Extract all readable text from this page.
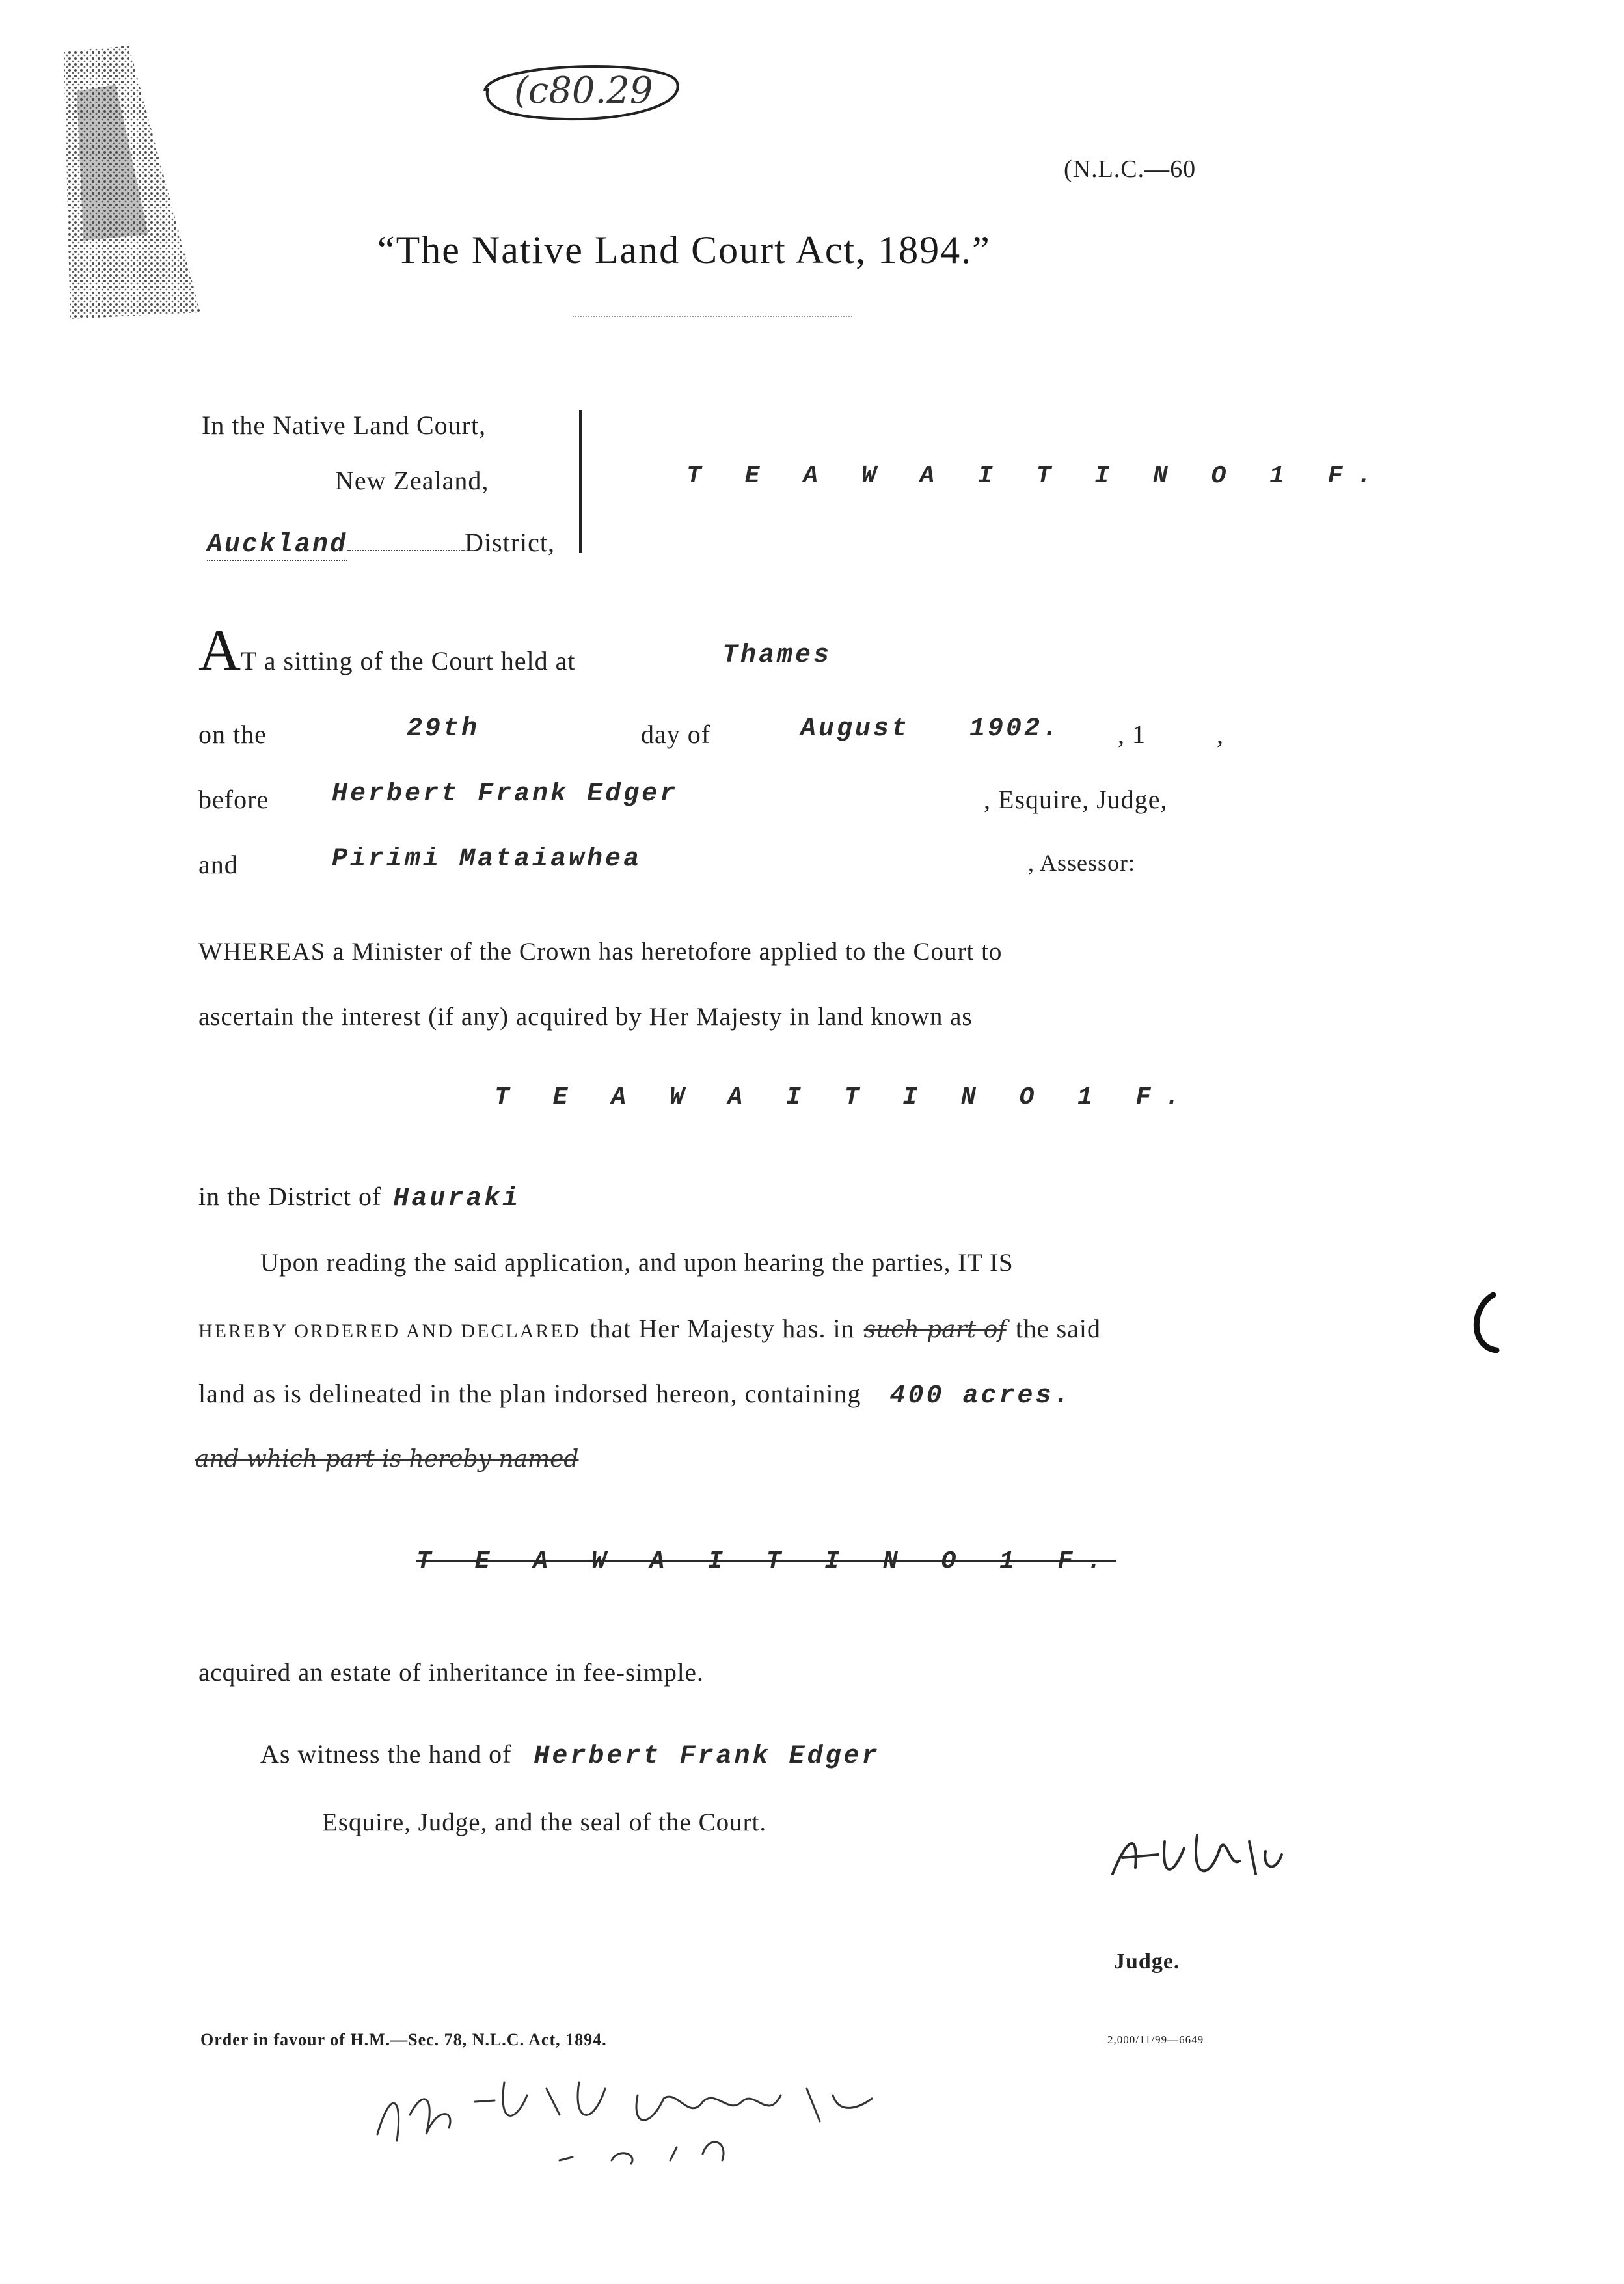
(c80.29
(N.L.C.—60
“The Native Land Court Act, 1894.”
In the Native Land Court,
New Zealand,
Auckland	District,
T E A W A I T I N O 1 F.
AT a sitting of the Court held at	Thames
on the	29th	day of	August 1902. , 1	,
before Herbert Frank Edger	, Esquire, Judge,
and	Pirimi Mataiawhea	, Assessor:
WHEREAS a Minister of the Crown has heretofore applied to the Court to
ascertain the interest (if any) acquired by Her Majesty in land known as
T E A W A I T I N O 1 F.
in the District of Hauraki
Upon reading the said application, and upon hearing the parties, IT IS
HEREBY ORDERED AND DECLARED that Her Majesty has. in such part of the said
land as is delineated in the plan indorsed hereon, containing 400 acres.
and which part is hereby named
T E A W A I T I N O 1 F.
acquired an estate of inheritance in fee-simple.
As witness the hand of Herbert Frank Edger
Esquire, Judge, and the seal of the Court.
Judge.
Order in favour of H.M.—Sec. 78, N.L.C. Act, 1894.	2,000/11/99—6649
